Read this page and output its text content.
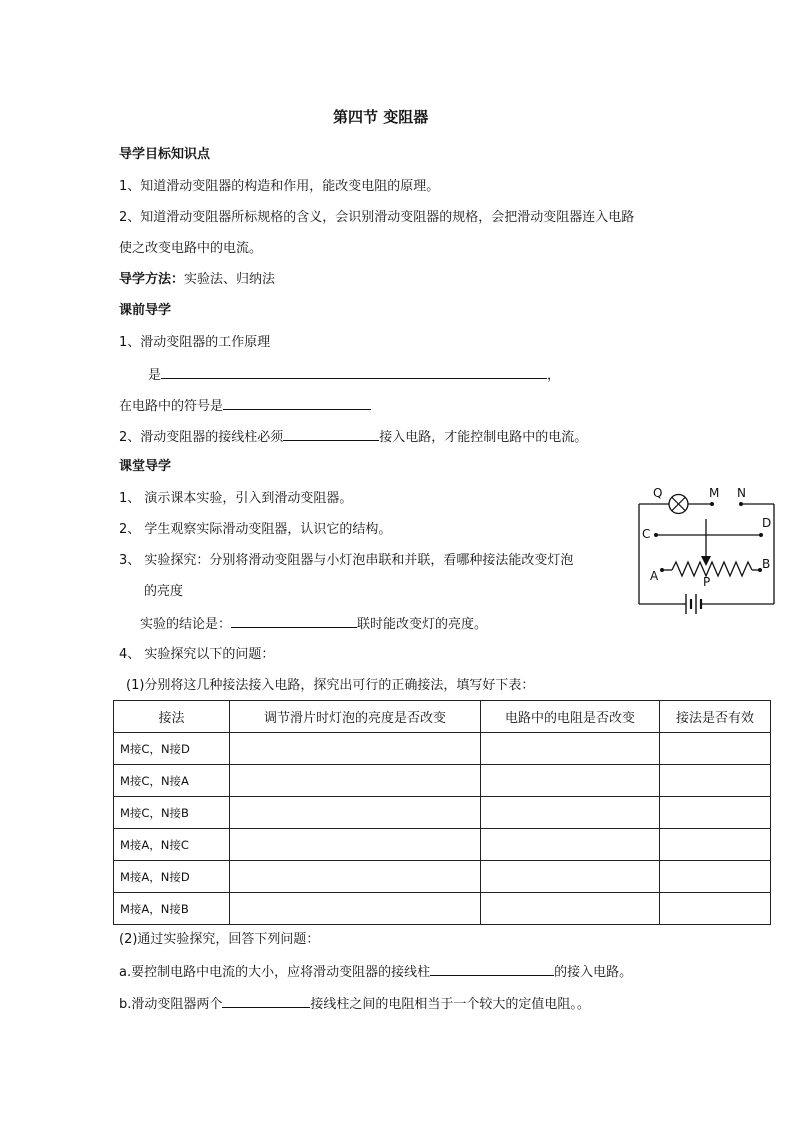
第四节 变阻器
导学目标知识点
1、知道滑动变阻器的构造和作用，能改变电阻的原理。
2、知道滑动变阻器所标规格的含义，会识别滑动变阻器的规格，会把滑动变阻器连入电路
使之改变电路中的电流。
导学方法：实验法、归纳法
课前导学
1、滑动变阻器的工作原理
是	，
在电路中的符号是
2、滑动变阻器的接线柱必须	接入电路，才能控制电路中的电流。
课堂导学
1、 演示课本实验，引入到滑动变阻器。
2、 学生观察实际滑动变阻器，认识它的结构。
3、 实验探究：分别将滑动变阻器与小灯泡串联和并联，看哪种接法能改变灯泡
的亮度
实验的结论是：	联时能改变灯的亮度。
4、 实验探究以下的问题：
(1)分别将这几种接法接入电路，探究出可行的正确接法，填写好下表：
Q	M N
C
D
A
B
P
接法	调节滑片时灯泡的亮度是否改变	电路中的电阻是否改变	接法是否有效
M接C，N接D			
M接C，N接A			
M接C，N接B			
M接A，N接C			
M接A，N接D			
M接A，N接B			
(2)通过实验探究，回答下列问题：
a.要控制电路中电流的大小，应将滑动变阻器的接线柱	的接入电路。
b.滑动变阻器两个	接线柱之间的电阻相当于一个较大的定值电阻。。
